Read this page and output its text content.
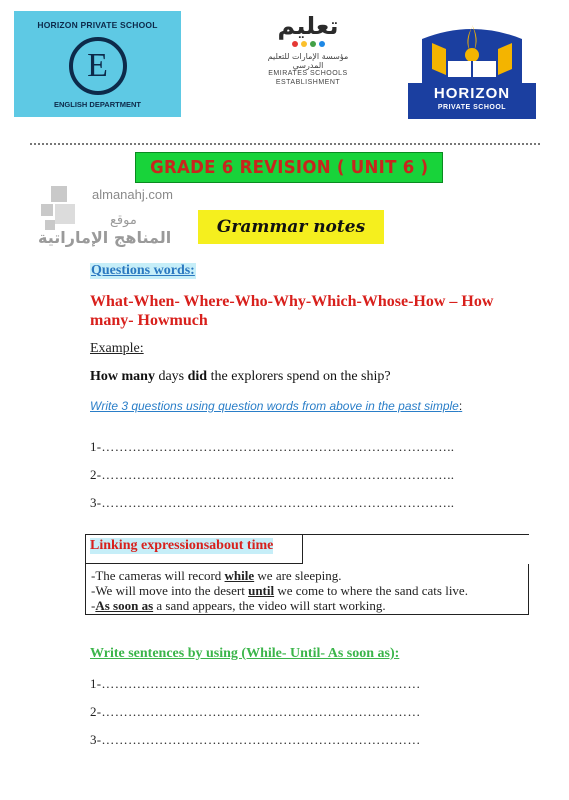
HORIZON PRIVATE SCHOOL
E
ENGLISH DEPARTMENT
تعليم
مؤسسة الإمارات للتعليم المدرسي
EMIRATES SCHOOLS
ESTABLISHMENT
HORIZON
PRIVATE SCHOOL
GRADE 6 REVISION ( UNIT 6 )
almanahj.com
موقع
المناهج الإماراتية
Grammar notes
Questions words:
What-When- Where-Who-Why-Which-Whose-How – How many- Howmuch
Example:
How many days did the explorers spend on the ship?
Write 3 questions using question words from above in the past simple:
1-……………………………………………………………………..
2-……………………………………………………………………..
3-……………………………………………………………………..
Linking expressionsabout time
-The cameras will record while we are sleeping.
-We will move into the desert until we come to where the sand cats live.
-As soon as a sand appears, the video will start working.
Write sentences by using (While- Until- As soon as):
1-………………………………………………………………
2-………………………………………………………………
3-………………………………………………………………
